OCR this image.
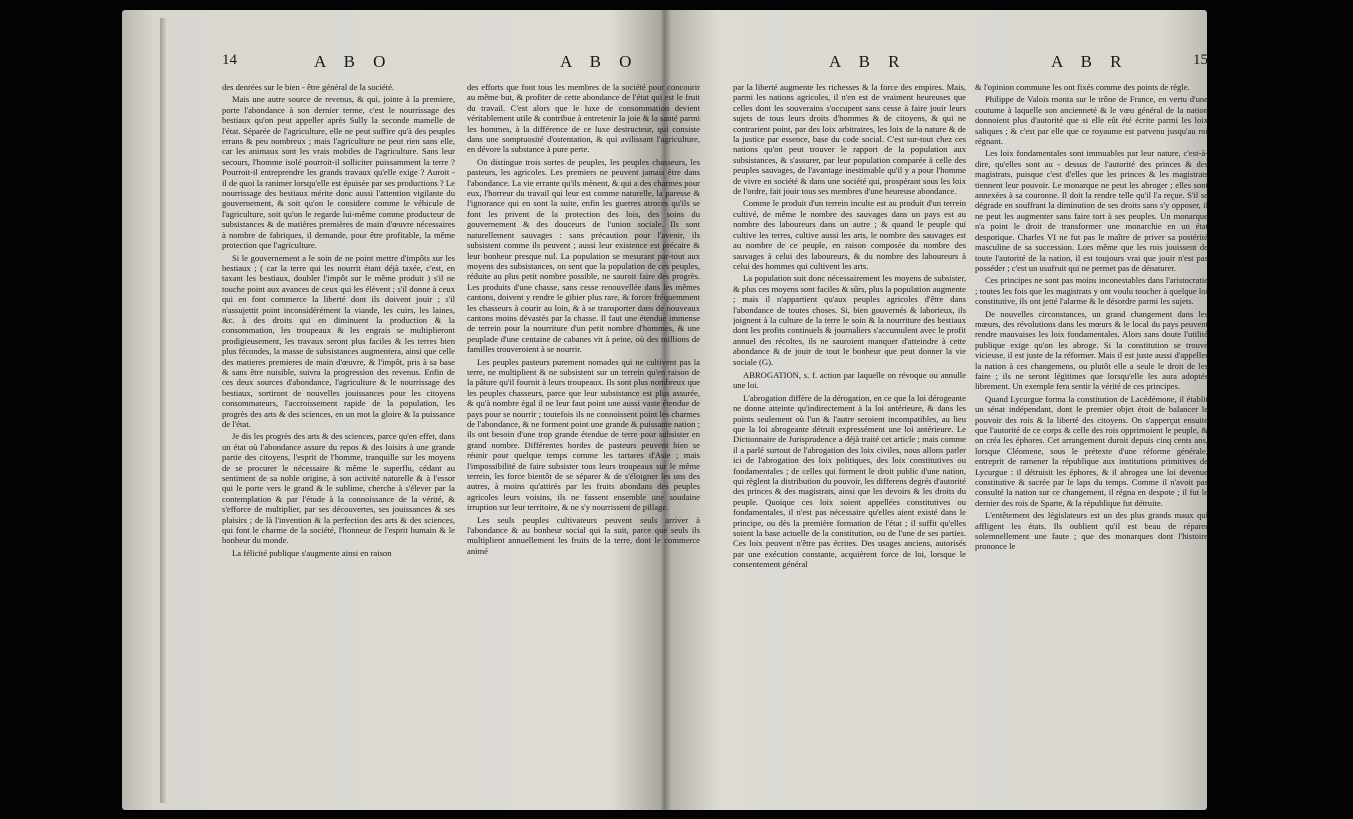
14	A B O	A B O

des denrées sur le bien - être général de la société.

Mais une autre source de revenus, & qui, jointe à la premiere, porte l'abondance à son dernier terme, c'est le nourrissage des bestiaux qu'on peut appeller après Sully la seconde mamelle de l'état. Séparée de l'agriculture, elle ne peut suffire qu'à des peuples errans & peu nombreux ; mais l'agriculture ne peut rien sans elle, car les animaux sont les vrais mobiles de l'agriculture. Sans leur secours, l'homme isolé pourroit-il solliciter puissamment la terre ? Pourroit-il entreprendre les grands travaux qu'elle exige ? Auroit - il de quoi la ranimer lorsqu'elle est épuisée par ses productions ? Le nourrissage des bestiaux mérite donc aussi l'attention vigilante du gouvernement, & soit qu'on le considere comme le véhicule de l'agriculture, soit qu'on le regarde lui-même comme producteur de subsistances & de matières premières de main d'œuvre nécessaires à nombre de fabriques, il demande, pour être profitable, la même protection que l'agriculture.

Si le gouvernement a le soin de ne point mettre d'impôts sur les bestiaux ; ( car la terre qui les nourrit étant déjà taxée, c'est, en taxant les bestiaux, doubler l'impôt sur le même produit ) s'il ne touche point aux avances de ceux qui les élèvent ; s'il donne à ceux qui en font commerce la liberté dont ils doivent jouir ; s'il n'assujettit point inconsidérément la viande, les cuirs, les laines, &c. à des droits qui en diminuent la production & la consommation, les troupeaux & les engrais se multiplieront prodigieusement, les travaux seront plus faciles & les terres bien plus fécondes, la masse de subsistances augmentera, ainsi que celle des matieres premieres de main d'œuvre, & l'impôt, pris à sa base & sans être nuisible, suivra la progression des revenus. Enfin de ces deux sources d'abondance, l'agriculture & le nourrissage des bestiaux, sortiront de nouvelles jouissances pour les citoyens consommateurs, l'accroissement rapide de la population, les progrès des arts & des sciences, en un mot la gloire & la puissance de l'état.

Je dis les progrès des arts & des sciences, parce qu'en effet, dans un état où l'abondance assure du repos & des loisirs à une grande partie des citoyens, l'esprit de l'homme, tranquille sur les moyens de se procurer le nécessaire & même le superflu, cédant au sentiment de sa noble origine, à son activité naturelle & à l'essor qui le porte vers le grand & le sublime, cherche à s'élever par la contemplation & par l'étude à la connoissance de la vérité, & s'efforce de multiplier, par ses découvertes, ses jouissances & ses plaisirs ; de là l'invention & la perfection des arts & des sciences, qui font le charme de la société, l'honneur de l'esprit humain & le bonheur du monde.

La félicité publique s'augmente ainsi en raison

des efforts que font tous les membres de la société pour concourir au même but, & profiter de cette abondance de l'état qui est le fruit du travail. C'est alors que le luxe de consommation devient véritablement utile & contribue à entretenir la joie & la santé parmi les hommes, à la différence de ce luxe destructeur, qui consiste dans une somptuosité d'ostentation, & qui avilissant l'agriculture, en dévore la substance à pure perte.

On distingue trois sortes de peuples, les peuples chasseurs, les pasteurs, les agricoles. Les premiers ne peuvent jamais être dans l'abondance. La vie errante qu'ils mènent, & qui a des charmes pour eux, l'horreur du travail qui leur est comme naturelle, la paresse & l'ignorance qui en sont la suite, enfin les guerres atroces qu'ils se font les privent de la protection des lois, des soins du gouvernement & des douceurs de l'union sociale. Ils sont naturellement sauvages : sans précaution pour l'avenir, ils subsistent comme ils peuvent ; aussi leur existence est précaire & leur bonheur presque nul. La population se mesurant par-tout aux moyens des subsistances, on sent que la population de ces peuples, réduite au plus petit nombre possible, ne sauroit faire des progrès. Les produits d'une chasse, sans cesse renouvellée dans les mêmes cantons, doivent y rendre le gibier plus rare, & forcer fréquemment les chasseurs à courir au loin, & à se transporter dans de nouveaux cantons moins dévastés par la chasse. Il faut une étendue immense de terrein pour la nourriture d'un petit nombre d'hommes, & une peuplade d'une centaine de cabanes vit à peine, où des millions de familles trouveroient à se nourrir.

Les peuples pasteurs purement nomades qui ne cultivent pas la terre, ne multiplient & ne subsistent sur un terrein qu'en raison de la pâture qu'il fournit à leurs troupeaux. Ils sont plus nombreux que les peuples chasseurs, parce que leur subsistance est plus assurée, & qu'à nombre égal il ne leur faut point une aussi vaste étendue de pays pour se nourrir ; toutefois ils ne connoissent point les charmes de l'abondance, & ne forment point une grande & puissante nation ; ils ont besoin d'une trop grande étendue de terre pour subsister en grand nombre. Différentes hordes de pasteurs peuvent bien se réunir pour quelque temps comme les tartares d'Asie ; mais l'impossibilité de faire subsister tous leurs troupeaux sur le même terrein, les force bientôt de se séparer & de s'éloigner les uns des autres, à moins qu'attirés par les fruits abondans des peuples agricoles leurs voisins, ils ne fassent ensemble une soudaine irruption sur leur territoire, & ne s'y nourrissent de pillage.

Les seuls peuples cultivateurs peuvent seuls arriver à l'abondance & au bonheur social qui la suit, parce que seuls ils multiplient annuellement les fruits de la terre, dont le commerce animé

A B R	A B R	15

par la liberté augmente les richesses & la force des empires. Mais, parmi les nations agricoles, il n'en est de vraiment heureuses que celles dont les souverains s'occupent sans cesse à faire jouir leurs sujets de tous leurs droits d'hommes & de citoyens, & qui ne contrarient point, par des loix arbitraires, les loix de la nature & de la justice par essence, base du code social. C'est sur-tout chez ces nations qu'on peut trouver le rapport de la population aux subsistances, & s'assurer, par leur population comparée à celle des peuples sauvages, de l'avantage inestimable qu'il y a pour l'homme de vivre en société & dans une société qui, prospérant sous les loix de l'ordre, fait jouir tous ses membres d'une heureuse abondance.

Comme le produit d'un terrein inculte est au produit d'un terrein cultivé, de même le nombre des sauvages dans un pays est au nombre des laboureurs dans un autre ; & quand le peuple qui cultive les terres, cultive aussi les arts, le nombre des sauvages est au nombre de ce peuple, en raison composée du nombre des sauvages à celui des laboureurs, & du nombre des laboureurs à celui des hommes qui cultivent les arts.

La population suit donc nécessairement les moyens de subsister, & plus ces moyens sont faciles & sûrs, plus la population augmente ; mais il n'appartient qu'aux peuples agricoles d'être dans l'abondance de toutes choses. Si, bien gouvernés & laborieux, ils joignent à la culture de la terre le soin & la nourriture des bestiaux dont les profits continuels & journaliers s'accumulent avec le profit annuel des récoltes, ils ne sauroient manquer d'atteindre à cette abondance & de jouir de tout le bonheur que peut donner la vie sociale (G).

ABROGATION, s. f. action par laquelle on révoque ou annulle une loi.

L'abrogation diffère de la dérogation, en ce que la loi dérogeante ne donne atteinte qu'indirectement à la loi antérieure, & dans les points seulement où l'un & l'autre seroient incompatibles, au lieu que la loi abrogeante détruit expressément une loi antérieure. Le Dictionnaire de Jurisprudence a déjà traité cet article ; mais comme il a parlé surtout de l'abrogation des loix civiles, nous allons parler ici de l'abrogation des loix politiques, des loix constitutives ou fondamentales ; de celles qui forment le droit public d'une nation, qui règlent la distribution du pouvoir, les differens degrés d'autorité des princes & des magistrats, ainsi que les devoirs & les droits du peuple. Quoique ces loix soient appellées constitutives ou fondamentales, il n'est pas nécessaire qu'elles aient existé dans le principe, ou dès la première formation de l'état ; il suffit qu'elles soient la base actuelle de la constitution, ou de l'une de ses parties. Ces loix peuvent n'être pas écrites. Des usages anciens, autorisés par une exécution constante, acquièrent force de loi, lorsque le consentement général

& l'opinion commune les ont fixés comme des points de règle.

Philippe de Valois monta sur le trône de France, en vertu d'une coutume à laquelle son ancienneté & le vœu général de la nation donnoient plus d'autorité que si elle eût été écrite parmi les loix saliques ; & c'est par elle que ce royaume est parvenu jusqu'au roi régnant.

Les loix fondamentales sont immuables par leur nature, c'est-à-dire, qu'elles sont au - dessus de l'autorité des princes & des magistrats, puisque c'est d'elles que les princes & les magistrats tiennent leur pouvoir. Le monarque ne peut les abroger ; elles sont annexées à sa couronne. Il doit la rendre telle qu'il l'a reçue. S'il se dégrade en souffrant la diminution de ses droits sans s'y opposer, il ne peut les augmenter sans faire tort à ses peuples. Un monarque n'a point le droit de transformer une monarchie en un état despotique. Charles VI ne fut pas le maître de priver sa postérité masculine de sa succession. Lors même que les rois jouissent de toute l'autorité de la nation, il est toujours vrai que jouir n'est pas posséder ; c'est un usufruit qui ne permet pas de dénaturer.

Ces principes ne sont pas moins inconestables dans l'aristocratie ; toutes les fois que les magistrats y ont voulu toucher à quelque loi constitutive, ils ont jetté l'alarme & le désordre parmi les sujets.

De nouvelles circonstances, un grand changement dans les mœurs, des révolutions dans les mœurs & le local du pays peuvent rendre mauvaises les loix fondamentales. Alors sans doute l'utilité publique exige qu'on les abroge. Si la constitution se trouve vicieuse, il est juste de la réformer. Mais il est juste aussi d'appeller la nation à ces changemens, ou plutôt elle a seule le droit de les faire ; ils ne seront légitimes que lorsqu'elle les aura adoptés librement. Un exemple fera sentir la vérité de ces principes.

Quand Lycurgue forma la constitution de Lacédémone, il établit un sénat indépendant, dont le premier objet étoit de balancer le pouvoir des rois & la liberté des citoyens. On s'apperçut ensuite que l'autorité de ce corps & celle des rois opprimoient le peuple, & on créa les éphores. Cet arrangement duroit depuis cinq cents ans, lorsque Cléomene, sous le prétexte d'une réforme générale, entreprit de ramener la république aux institutions primitives de Lycurgue : il détruisit les éphores, & il abrogea une loi devenue constitutive & sacrée par le laps du temps. Comme il n'avoit pas consulté la nation sur ce changement, il régna en despote ; il fut le dernier des rois de Sparte, & la république fut détruite.

L'entêtement des législateurs est un des plus grands maux qui affligent les états. Ils oublient qu'il est beau de réparer solemnellement une faute ; que des monarques dont l'histoire prononce le
